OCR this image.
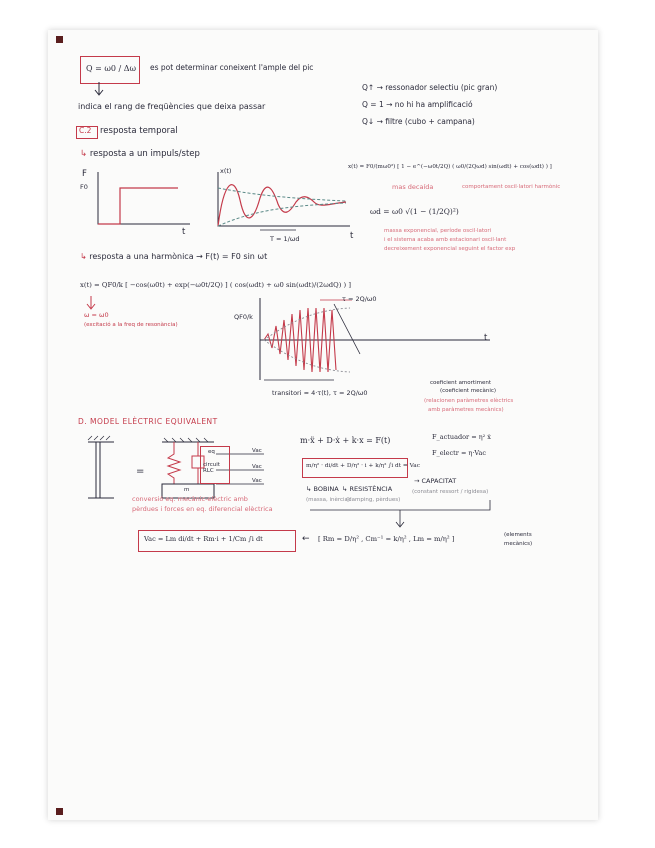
Q = ω0 / Δω es pot determinar coneixent l'ample del pic
Q↑ → ressonador selectiu (pic gran)
Q = 1 → no hi ha amplificació
Q↓ → filtre (cubo + campana)
indica el rang de freqüències que deixa passar
C.2 resposta temporal
↳ resposta a un impuls/step
F
F0
t
x(t)
t
T = 1/ωd
x(t) = F0/(mω0²) [ 1 − e^(−ω0t/2Q) ( ω0/(2Qωd) sin(ωdt) + cos(ωdt) ) ]
mas decaída	comportament oscil·latori harmònic
ωd = ω0 √(1 − (1/2Q)²)
massa exponencial, període oscil·latori
i el sistema acaba amb estacionari oscil·lant
decreixement exponencial seguint el factor exp
↳ resposta a una harmònica → F(t) = F0 sin ωt
x(t) = QF0/k [ −cos(ω0t) + exp(−ω0t/2Q) ] ( cos(ωdt) + ω0 sin(ωdt)/(2ωdQ) ) ]
ω = ω0
(excitació a la freq de resonància)
QF0/k
τ = 2Q/ω0
t
transitori ≈ 4·τ(t), τ = 2Q/ω0
coeficient amortiment
(coeficient mecànic)
(relacionen paràmetres elèctrics
amb paràmetres mecànics)
D. MODEL ELÈCTRIC EQUIVALENT
=
m
eq
circuit RLC
Vac
Vac
Vac
conversió eq. mecànic-elèctric amb
pèrdues i forces en eq. diferencial elèctrica
m·ẍ + D·ẋ + k·x = F(t)	F_actuador = η² ẋ
F_electr = η·Vac
m/η² · di/dt + D/η² · i + k/η² ∫i dt = Vac
↳ BOBINA ↳ RESISTÈNCIA
(massa, inèrcia)
(damping, pèrdues)
→ CAPACITAT
(constant ressort / rigidesa)
Vac = Lm di/dt + Rm·i + 1/Cm ∫i dt	← [ Rm = D/η² , Cm⁻¹ = k/η² , Lm = m/η² ]	(elements
mecànics)
